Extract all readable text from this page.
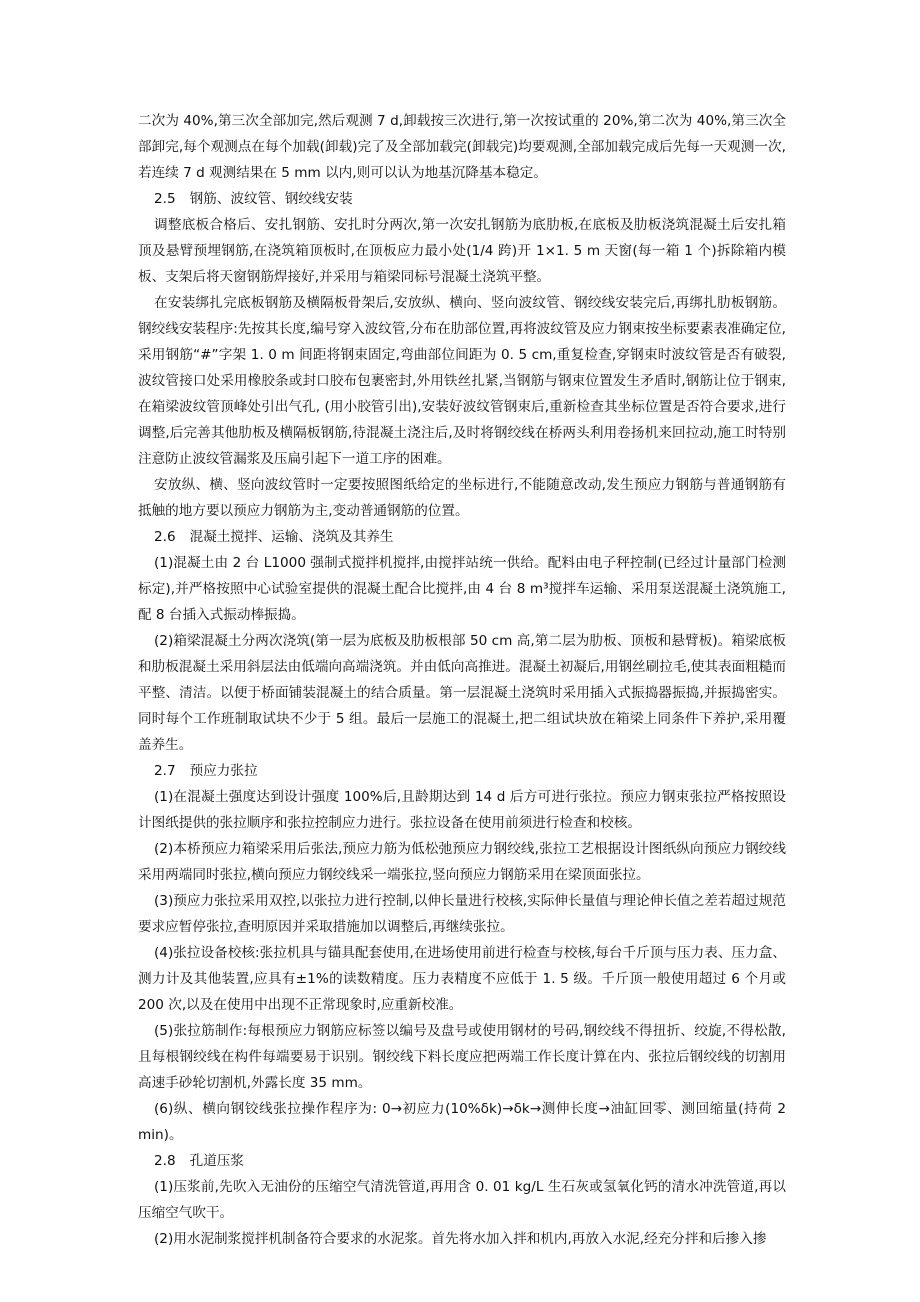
二次为 40%,第三次全部加完,然后观测 7 d,卸载按三次进行,第一次按试重的 20%,第二次为 40%,第三次全部卸完,每个观测点在每个加载(卸载)完了及全部加载完(卸载完)均要观测,全部加载完成后先每一天观测一次,若连续 7 d 观测结果在 5 mm 以内,则可以认为地基沉降基本稳定。

2.5 钢筋、波纹管、钢绞线安装

调整底板合格后、安扎钢筋、安扎时分两次,第一次安扎钢筋为底肋板,在底板及肋板浇筑混凝土后安扎箱顶及悬臂预埋钢筋,在浇筑箱顶板时,在顶板应力最小处(1/4 跨)开 1×1. 5 m 天窗(每一箱 1 个)拆除箱内模板、支架后将天窗钢筋焊接好,并采用与箱梁同标号混凝土浇筑平整。

在安装绑扎完底板钢筋及横隔板骨架后,安放纵、横向、竖向波纹管、钢绞线安装完后,再绑扎肋板钢筋。钢绞线安装程序:先按其长度,编号穿入波纹管,分布在肋部位置,再将波纹管及应力钢束按坐标要素表准确定位,采用钢筋“#”字架 1. 0 m 间距将钢束固定,弯曲部位间距为 0. 5 cm,重复检查,穿钢束时波纹管是否有破裂,波纹管接口处采用橡胶条或封口胶布包裹密封,外用铁丝扎紧,当钢筋与钢束位置发生矛盾时,钢筋让位于钢束,在箱梁波纹管顶峰处引出气孔, (用小胶管引出),安装好波纹管钢束后,重新检查其坐标位置是否符合要求,进行调整,后完善其他肋板及横隔板钢筋,待混凝土浇注后,及时将钢绞线在桥两头利用卷扬机来回拉动,施工时特别注意防止波纹管漏浆及压扁引起下一道工序的困难。

安放纵、横、竖向波纹管时一定要按照图纸给定的坐标进行,不能随意改动,发生预应力钢筋与普通钢筋有抵触的地方要以预应力钢筋为主,变动普通钢筋的位置。

2.6 混凝土搅拌、运输、浇筑及其养生

(1)混凝土由 2 台 L1000 强制式搅拌机搅拌,由搅拌站统一供给。配料由电子秤控制(已经过计量部门检测标定),并严格按照中心试验室提供的混凝土配合比搅拌,由 4 台 8 m³搅拌车运输、采用泵送混凝土浇筑施工,配 8 台插入式振动棒振捣。

(2)箱梁混凝土分两次浇筑(第一层为底板及肋板根部 50 cm 高,第二层为肋板、顶板和悬臂板)。箱梁底板和肋板混凝土采用斜层法由低端向高端浇筑。并由低向高推进。混凝土初凝后,用钢丝刷拉毛,使其表面粗糙而平整、清洁。以便于桥面铺装混凝土的结合质量。第一层混凝土浇筑时采用插入式振捣器振捣,并振捣密实。同时每个工作班制取试块不少于 5 组。最后一层施工的混凝土,把二组试块放在箱梁上同条件下养护,采用覆盖养生。

2.7 预应力张拉

(1)在混凝土强度达到设计强度 100%后,且龄期达到 14 d 后方可进行张拉。预应力钢束张拉严格按照设计图纸提供的张拉顺序和张拉控制应力进行。张拉设备在使用前须进行检查和校核。

(2)本桥预应力箱梁采用后张法,预应力筋为低松弛预应力钢绞线,张拉工艺根据设计图纸纵向预应力钢绞线采用两端同时张拉,横向预应力钢绞线采一端张拉,竖向预应力钢筋采用在梁顶面张拉。

(3)预应力张拉采用双控,以张拉力进行控制,以伸长量进行校核,实际伸长量值与理论伸长值之差若超过规范要求应暂停张拉,查明原因并采取措施加以调整后,再继续张拉。

(4)张拉设备校核:张拉机具与锚具配套使用,在进场使用前进行检查与校核,每台千斤顶与压力表、压力盒、测力计及其他装置,应具有±1%的读数精度。压力表精度不应低于 1. 5 级。千斤顶一般使用超过 6 个月或 200 次,以及在使用中出现不正常现象时,应重新校准。

(5)张拉筋制作:每根预应力钢筋应标签以编号及盘号或使用钢材的号码,钢绞线不得扭折、绞旋,不得松散,且每根钢绞线在构件每端要易于识别。钢绞线下料长度应把两端工作长度计算在内、张拉后钢绞线的切割用高速手砂轮切割机,外露长度 35 mm。

(6)纵、横向钢铰线张拉操作程序为: 0→初应力(10%δk)→δk→测伸长度→油缸回零、测回缩量(持荷 2 min)。

2.8 孔道压浆

(1)压浆前,先吹入无油份的压缩空气清洗管道,再用含 0. 01 kg/L 生石灰或氢氧化钙的清水冲洗管道,再以压缩空气吹干。

(2)用水泥制浆搅拌机制备符合要求的水泥浆。首先将水加入拌和机内,再放入水泥,经充分拌和后掺入掺
